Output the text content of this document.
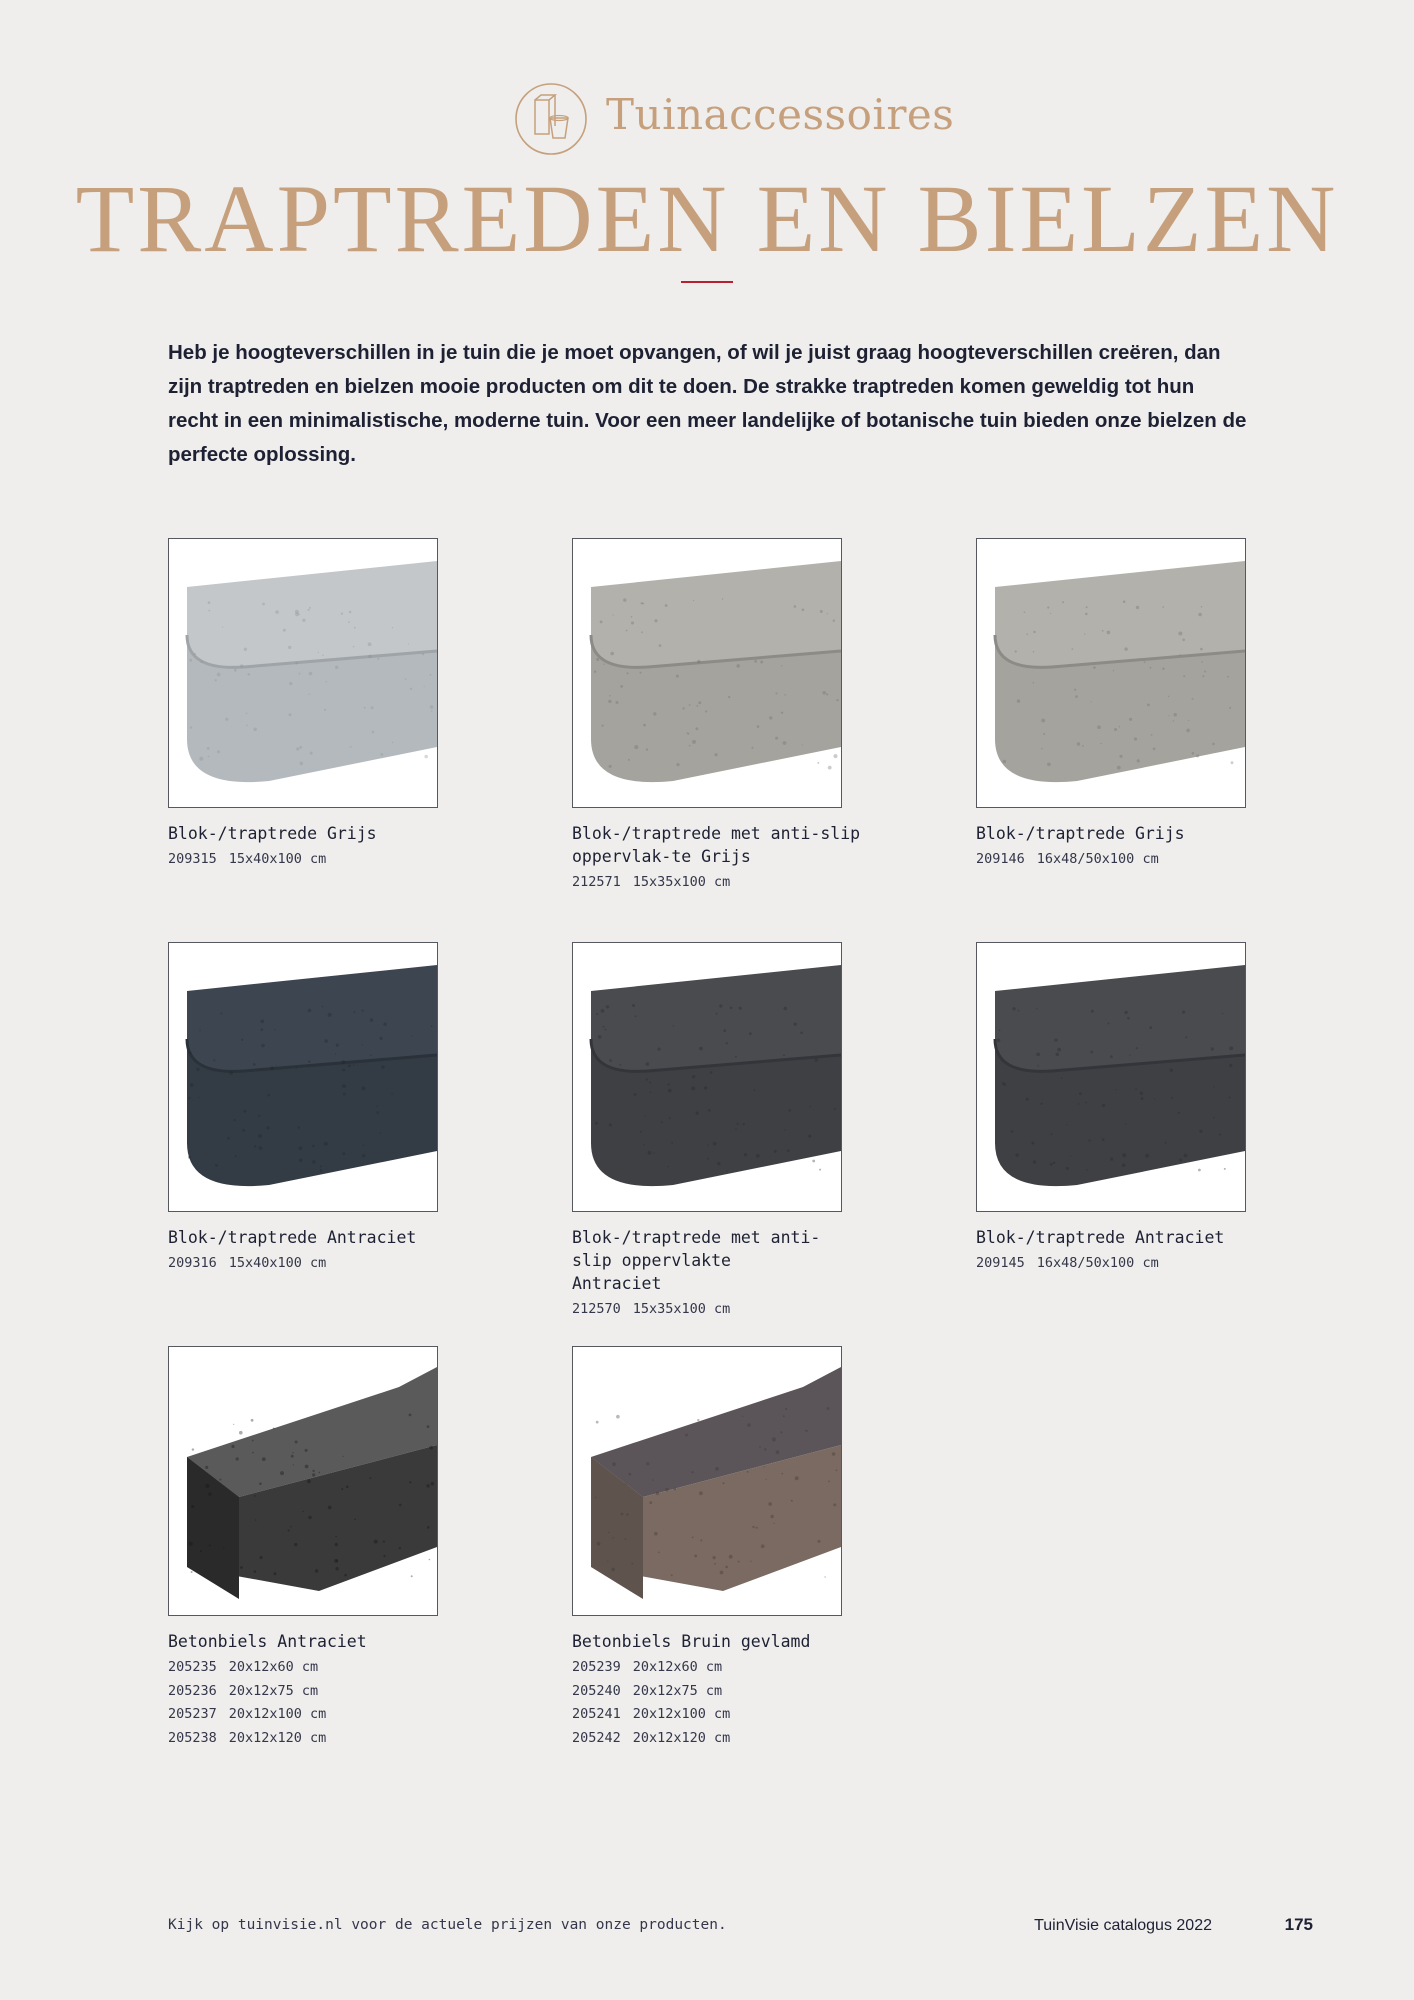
Tuinaccessoires
TRAPTREDEN EN BIELZEN

Heb je hoogteverschillen in je tuin die je moet opvangen, of wil je juist graag hoogteverschillen creëren, dan zijn traptreden en bielzen mooie producten om dit te doen. De strakke traptreden komen geweldig tot hun recht in een minimalistische, moderne tuin. Voor een meer landelijke of botanische tuin bieden onze bielzen de perfecte oplossing.

Blok-/traptrede Grijs
209315 15x40x100 cm
Blok-/traptrede met anti-slip oppervlak-te Grijs
212571 15x35x100 cm
Blok-/traptrede Grijs
209146 16x48/50x100 cm
Blok-/traptrede Antraciet
209316 15x40x100 cm
Blok-/traptrede met anti-slip oppervlakte Antraciet
212570 15x35x100 cm
Blok-/traptrede Antraciet
209145 16x48/50x100 cm
Betonbiels Antraciet
205235 20x12x60 cm
205236 20x12x75 cm
205237 20x12x100 cm
205238 20x12x120 cm
Betonbiels Bruin gevlamd
205239 20x12x60 cm
205240 20x12x75 cm
205241 20x12x100 cm
205242 20x12x120 cm
Kijk op tuinvisie.nl voor de actuele prijzen van onze producten.	TuinVisie catalogus 2022	175
